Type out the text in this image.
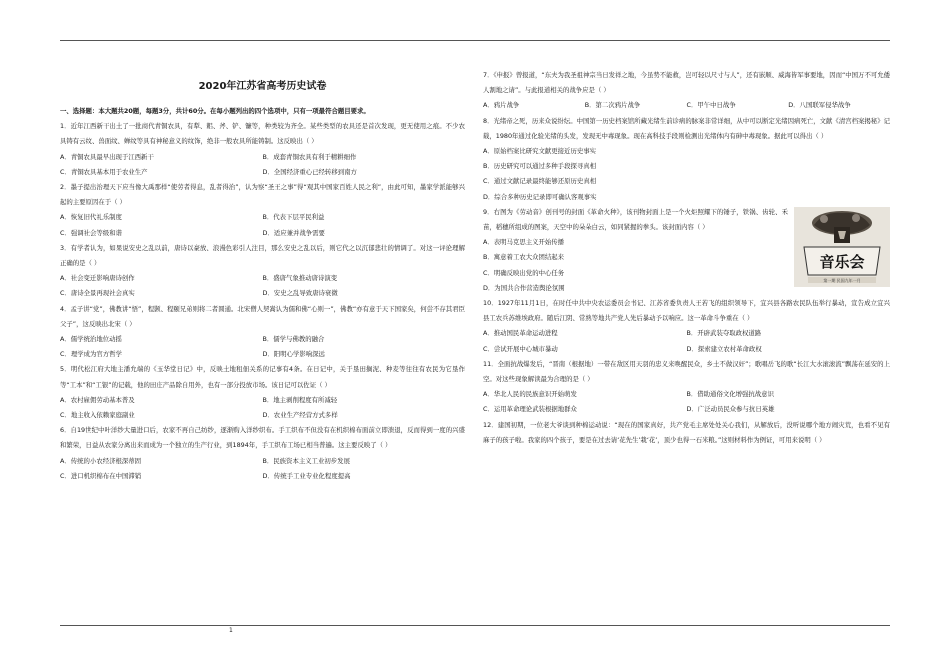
2020年江苏省高考历史试卷

一、选择题：本大题共20题，每题3分，共计60分。在每小题列出的四个选项中，只有一项最符合题目要求。

1．近年江西新干出土了一批商代青铜农具，有犁、耜、斧、铲、镰等，种类较为齐全。某些类型的农具还是首次发现，更无使用之痕。不少农具铸有云纹、兽面纹、蝉纹等具有神秘意义的纹饰，绝非一般农具所能铸制。这反映出（ ）

A．青铜农具最早出现于江西新干	B．成套青铜农具有利于精耕细作
C．青铜农具基本用于农业生产	D．全国经济重心已经转移到南方

2．墨子提出治理天下应当像大禹那样“使劳者得息，乱者得治”，认为察“圣王之事”得“观其中国家百姓人民之利”，由此可知，墨家学派能够兴起的主要原因在于（ ）

A．恢复旧代礼乐制度	B．代表下层平民利益
C．强调社会等级和谐	D．适应兼并战争需要

3．有学者认为，如果说安史之乱以前，唐诗以豪放、浪漫色彩引人注目，那么安史之乱以后，则它代之以沉郁悲壮的情调了。对这一评论理解正确的是（ ）

A．社会变迁影响唐诗创作	B．盛唐气象推动唐诗演变
C．唐诗全景再现社会真实	D．安史之乱导致唐诗衰微

4．孟子讲“党”，佛教讲“悟”，程颢、程颐兄弟则将二者圆通。北宋僧人契嵩认为儒和佛“心则一”，佛教“亦有意于天下国家矣，何尝不存其君臣父子”，这反映出北宋（ ）

A．儒学统治地位动摇	B．儒学与佛教的融合
C．理学成为官方哲学	D．阳明心学影响深远

5．明代松江府大地主潘允端的《玉华堂日记》中，反映土地租佃关系的记事有4条。在日记中，关于垦田搁泥、种麦等往往有农民为它垦作等“工本”和“工银”的记载，他的田庄产品除自用外，也有一部分投放市场。该日记可以佐证（ ）

A．农村雇佣劳动基本普及	B．地主剥削程度有所减轻
C．地主收入依赖家庭副业	D．农业生产经营方式多样

6．自19世纪中叶洋纱大量进口后，农家不再自己纺纱，逐渐购入洋纱织布。手工织布不但没有在机织棉布面前立即溃退，反而得到一度的兴盛和繁荣，日益从农家分离出来而成为一个独立的生产行业，到1894年，手工织布工场已相当普遍。这主要反映了（ ）

A．传统的小农经济根深蒂固	B．民族资本主义工业初步发展
C．进口机织棉布在中国滞销	D．传统手工业专业化程度提高

7．《申报》曾报道，“东夫为我圣祖神宗当日发祥之地，今虽势不能救，岂可轻以尺寸与人”，还有嵌顺、威海皆军事要地，因而“中国万不可允倭人割地之请”。与此报道相关的战争应是（ ）

A．鸦片战争	B．第二次鸦片战争	C．甲午中日战争	D．八国联军侵华战争

8．光绪帝之死，历来众说纷纭。中国第一历史档案馆所藏光绪生前诊病的脉案非常详细，从中可以断定光绪因病死亡，文献《清宫档案揭秘》记载，1980年通过化验光绪的头发，发现无中毒现象。现在高科技手段则检测出光绪体内有砷中毒现象。据此可以得出（ ）

A．原始档案比研究文献更接近历史事实
B．历史研究可以通过多种手段探寻真相
C．通过文献记录最终能够还原历史真相
D．综合多种历史记录即可确认客观事实
音乐会
第一期 民国九年一月

9．右图为《劳动音》创刊号的封面《革命火种》，该刊物封面上是一个火炬照耀下的锤子，铁锅、齿轮、禾苗，稻穗所组成的图案，天空中的朵朵白云，如同紧握的拳头。该封面内容（ ）

A．表明马克思主义开始传播
B．寓意着工农大众团结起来
C．明确反映出党的中心任务
D．为国共合作营造舆论氛围

10．1927年11月1日，在时任中共中央农运委员会书记、江苏省委负责人王若飞的组织领导下，宜兴县各路农民队伍举行暴动，宣告成立宜兴县工农兵苏维埃政府。随后江阴、常熟等地共产党人先后暴动予以响应。这一革命斗争重在（ ）

A．推动国民革命运动进程	B．开辟武装夺取政权道路
C．尝试开展中心城市暴动	D．探索建立农村革命政权

11．全面抗战爆发后，“晋南（根据地）一带在敌区用天羽的忠义来唤醒民众，乡土不做汉奸”；歌唱岳飞的歌“长江大水滚滚流”飘荡在延安的上空。对这些现象解读最为合理的是（ ）

A．华北人民的民族意识开始萌发	B．借助通俗文化增强抗战意识
C．运用革命理论武装根据地群众	D．广泛动员民众参与抗日英雄

12．建国初期，一位老大爷谈到种棉运动说：“现在的国家真好，共产党毛主席处处关心我们，从解放后，没听说哪个地方闹灾荒，也看不见有麻子的孩子啦。我家的四个孩子，要是在过去请‘花先生’栽‘花’，顶少也得一石米粮。”这则材料作为例证，可用来说明（ ）

1
